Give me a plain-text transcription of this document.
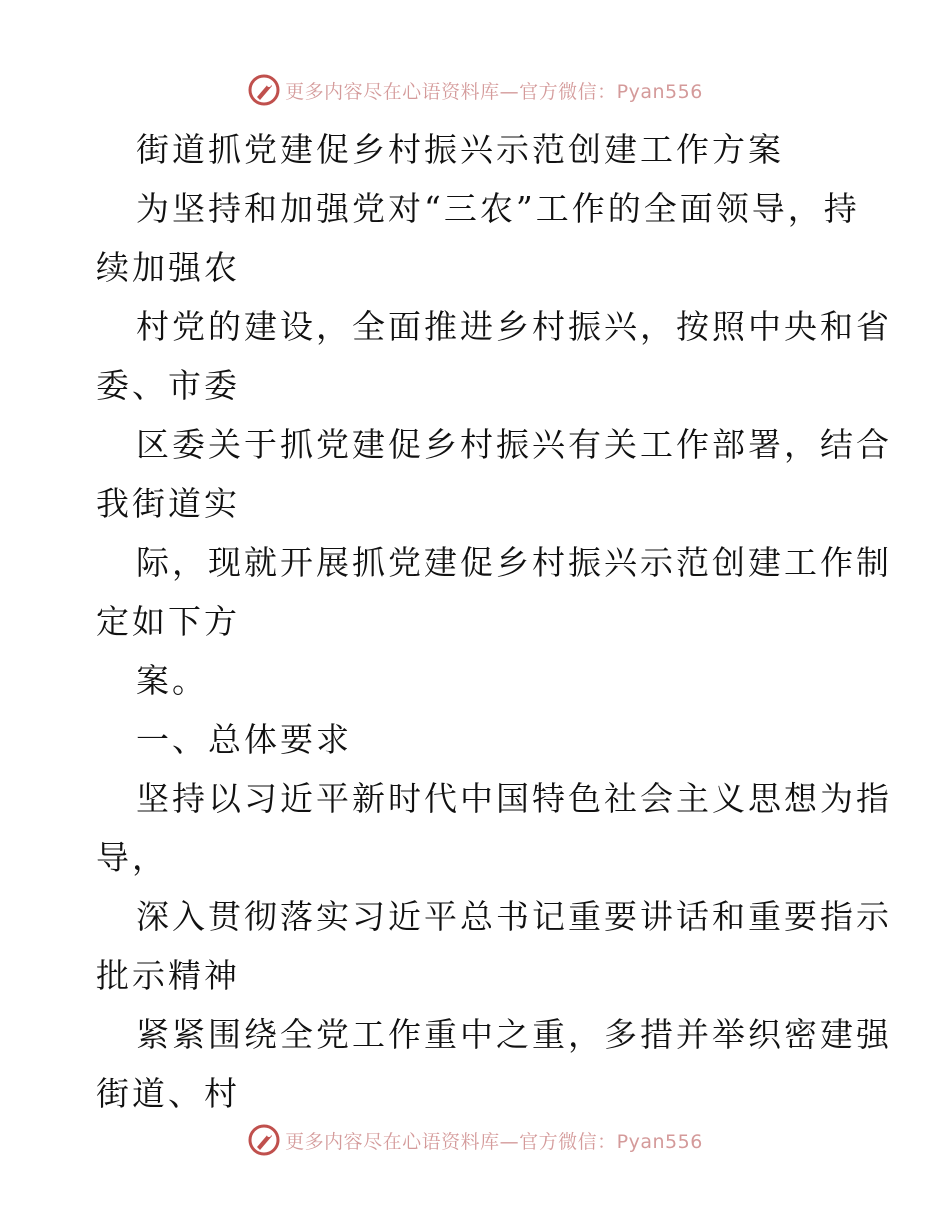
更多内容尽在心语资料库—官方微信：Pyan556
街道抓党建促乡村振兴示范创建工作方案
为坚持和加强党对“三农”工作的全面领导，持
续加强农
村党的建设，全面推进乡村振兴，按照中央和省
委、市委
区委关于抓党建促乡村振兴有关工作部署，结合
我街道实
际，现就开展抓党建促乡村振兴示范创建工作制
定如下方
案。
一、总体要求
坚持以习近平新时代中国特色社会主义思想为指
导，
深入贯彻落实习近平总书记重要讲话和重要指示
批示精神
紧紧围绕全党工作重中之重，多措并举织密建强
街道、村
更多内容尽在心语资料库—官方微信：Pyan556
